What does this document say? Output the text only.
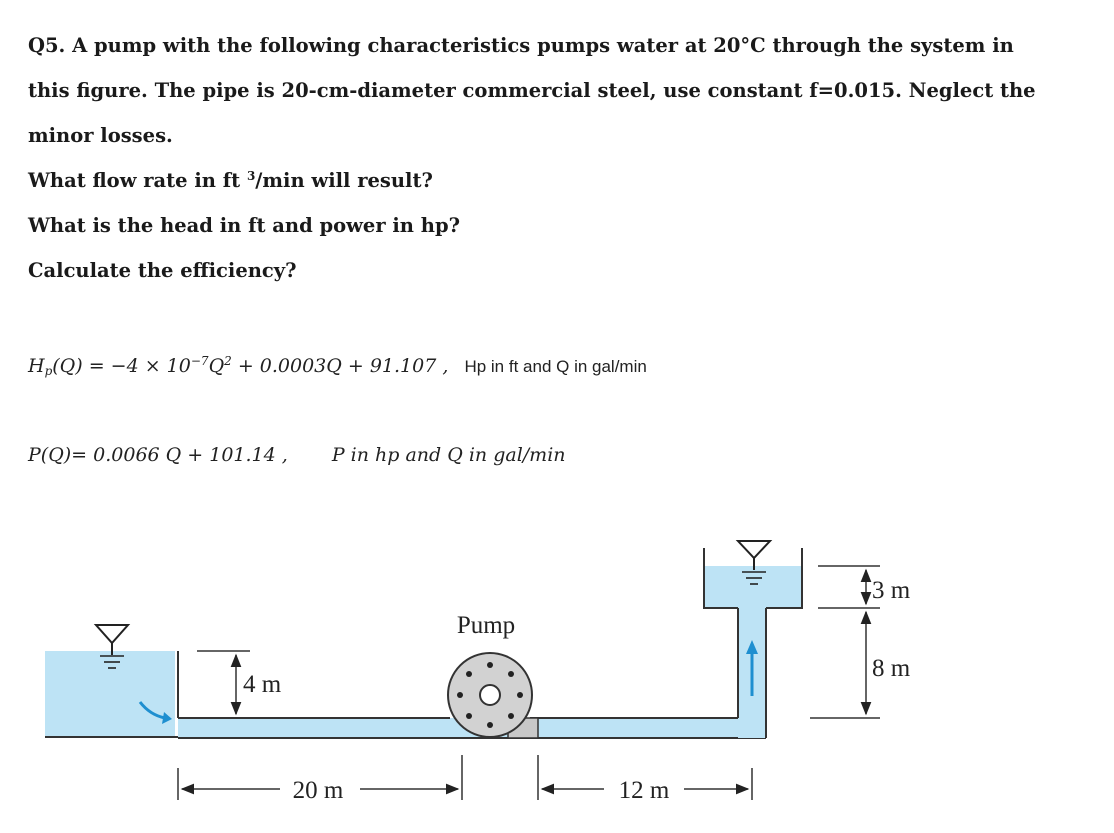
Q5. A pump with the following characteristics pumps water at 20°C through the system in
this figure. The pipe is 20-cm-diameter commercial steel, use constant f=0.015. Neglect the
minor losses.
What flow rate in ft $^3$/min will result?
What is the head in ft and power in hp?
Calculate the efficiency?
$H_p(Q) = -4 \times 10^{-7}Q^2 + 0.0003Q + 91.107$ , Hp in ft and Q in gal/min
P(Q)= 0.0066 Q + 101.14 , P in hp and Q in gal/min
Pump
4 m
3 m
8 m
20 m	12 m
